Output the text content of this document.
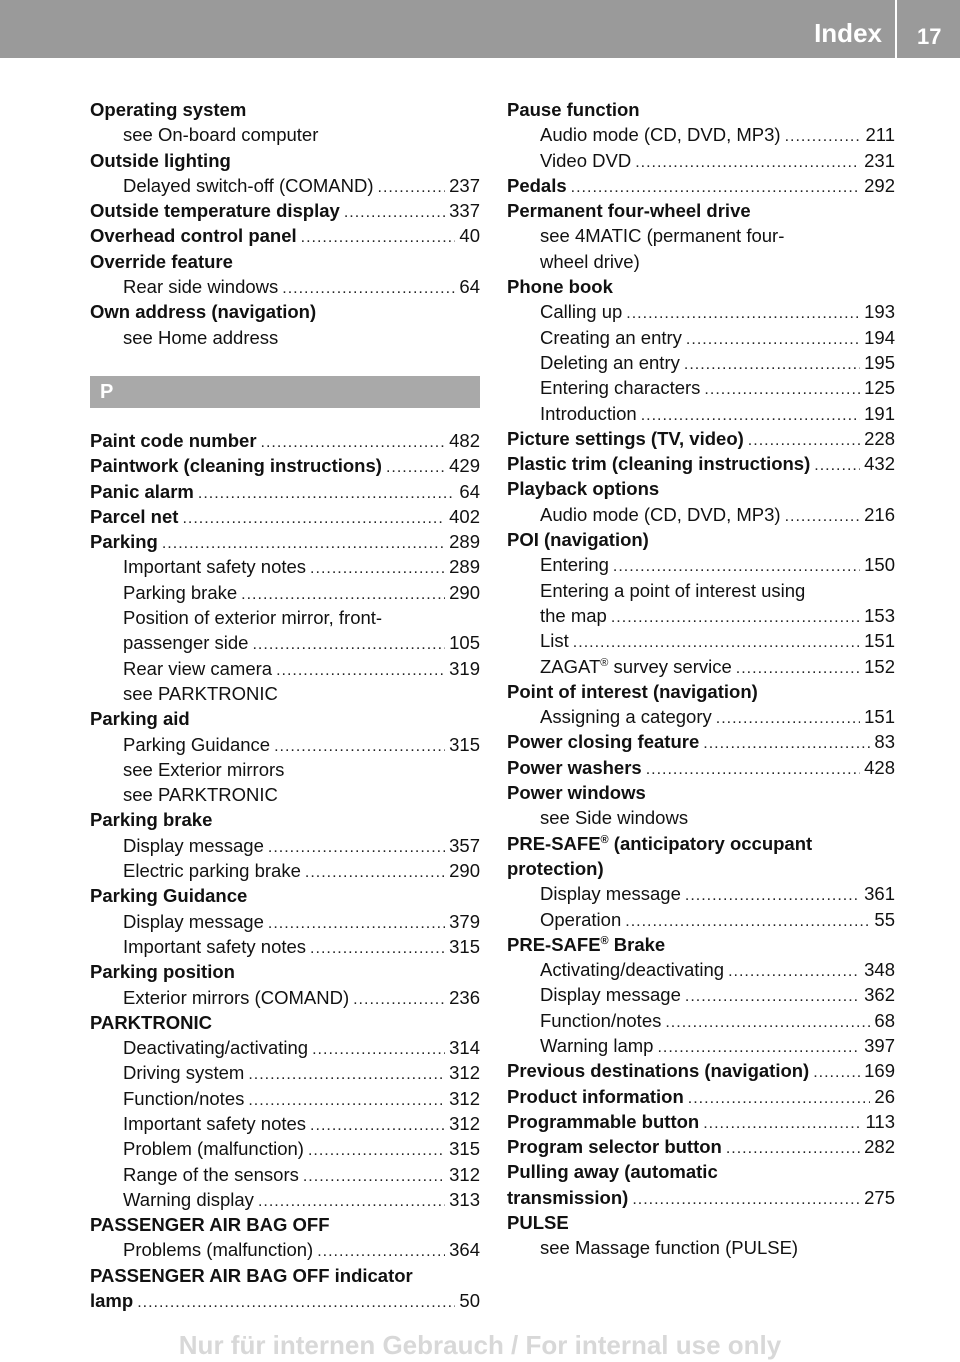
Index 17
Operating system
see On-board computer
Outside lighting
Delayed switch-off (COMAND) .....	237
Outside temperature display .....	337
Overhead control panel .....	40
Override feature
Rear side windows .....	64
Own address (navigation)
see Home address
P
Paint code number .....	482
Paintwork (cleaning instructions) .....	429
Panic alarm .....	64
Parcel net .....	402
Parking .....	289
Important safety notes .....	289
Parking brake .....	290
Position of exterior mirror, front-
passenger side .....	105
Rear view camera .....	319
see PARKTRONIC
Parking aid
Parking Guidance .....	315
see Exterior mirrors
see PARKTRONIC
Parking brake
Display message .....	357
Electric parking brake .....	290
Parking Guidance
Display message .....	379
Important safety notes .....	315
Parking position
Exterior mirrors (COMAND) .....	236
PARKTRONIC
Deactivating/activating .....	314
Driving system .....	312
Function/notes .....	312
Important safety notes .....	312
Problem (malfunction) .....	315
Range of the sensors .....	312
Warning display .....	313
PASSENGER AIR BAG OFF
Problems (malfunction) .....	364
PASSENGER AIR BAG OFF indicator
lamp .....	50
Pause function
Audio mode (CD, DVD, MP3) .....	211
Video DVD .....	231
Pedals .....	292
Permanent four-wheel drive
see 4MATIC (permanent four-
wheel drive)
Phone book
Calling up .....	193
Creating an entry .....	194
Deleting an entry .....	195
Entering characters .....	125
Introduction .....	191
Picture settings (TV, video) .....	228
Plastic trim (cleaning instructions) .....	432
Playback options
Audio mode (CD, DVD, MP3) .....	216
POI (navigation)
Entering .....	150
Entering a point of interest using
the map .....	153
List .....	151
ZAGAT® survey service .....	152
Point of interest (navigation)
Assigning a category .....	151
Power closing feature .....	83
Power washers .....	428
Power windows
see Side windows
PRE-SAFE® (anticipatory occupant
protection)
Display message .....	361
Operation .....	55
PRE-SAFE® Brake
Activating/deactivating .....	348
Display message .....	362
Function/notes .....	68
Warning lamp .....	397
Previous destinations (navigation) .....	169
Product information .....	26
Programmable button .....	113
Program selector button .....	282
Pulling away (automatic
transmission) .....	275
PULSE
see Massage function (PULSE)
Nur für internen Gebrauch / For internal use only
